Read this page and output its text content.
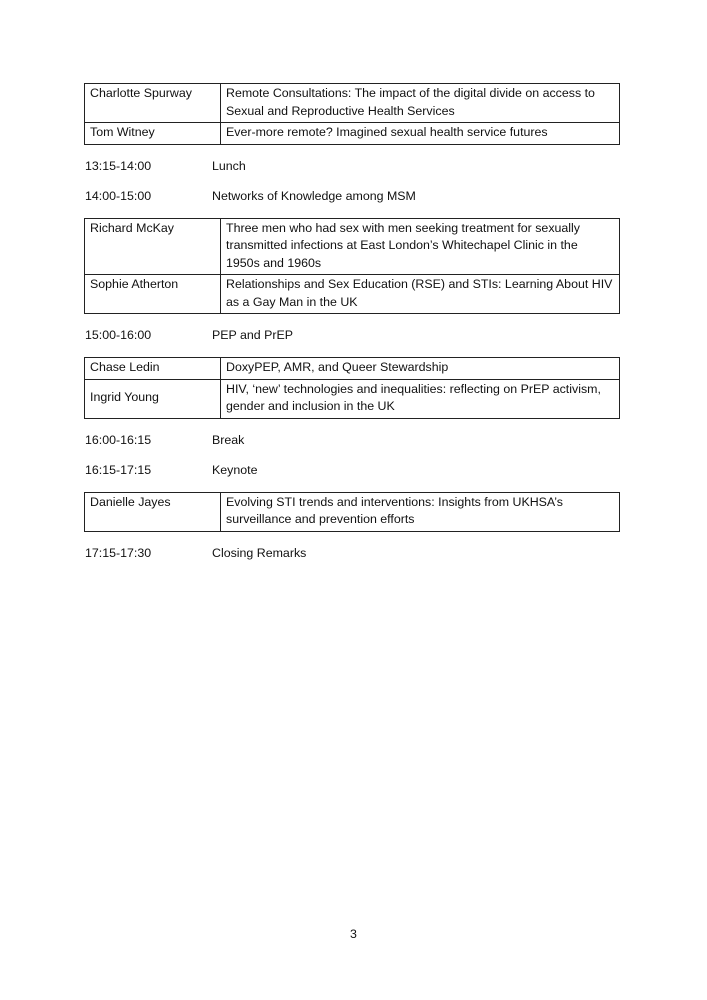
Charlotte Spurway	Remote Consultations: The impact of the digital divide on access to Sexual and Reproductive Health Services
Tom Witney	Ever-more remote? Imagined sexual health service futures
13:15-14:00	Lunch
14:00-15:00	Networks of Knowledge among MSM
Richard McKay	Three men who had sex with men seeking treatment for sexually transmitted infections at East London’s Whitechapel Clinic in the 1950s and 1960s
Sophie Atherton	Relationships and Sex Education (RSE) and STIs: Learning About HIV as a Gay Man in the UK
15:00-16:00	PEP and PrEP
Chase Ledin	DoxyPEP, AMR, and Queer Stewardship
Ingrid Young	HIV, ‘new’ technologies and inequalities: reflecting on PrEP activism, gender and inclusion in the UK
16:00-16:15	Break
16:15-17:15	Keynote
Danielle Jayes	Evolving STI trends and interventions: Insights from UKHSA’s surveillance and prevention efforts
17:15-17:30	Closing Remarks
3
